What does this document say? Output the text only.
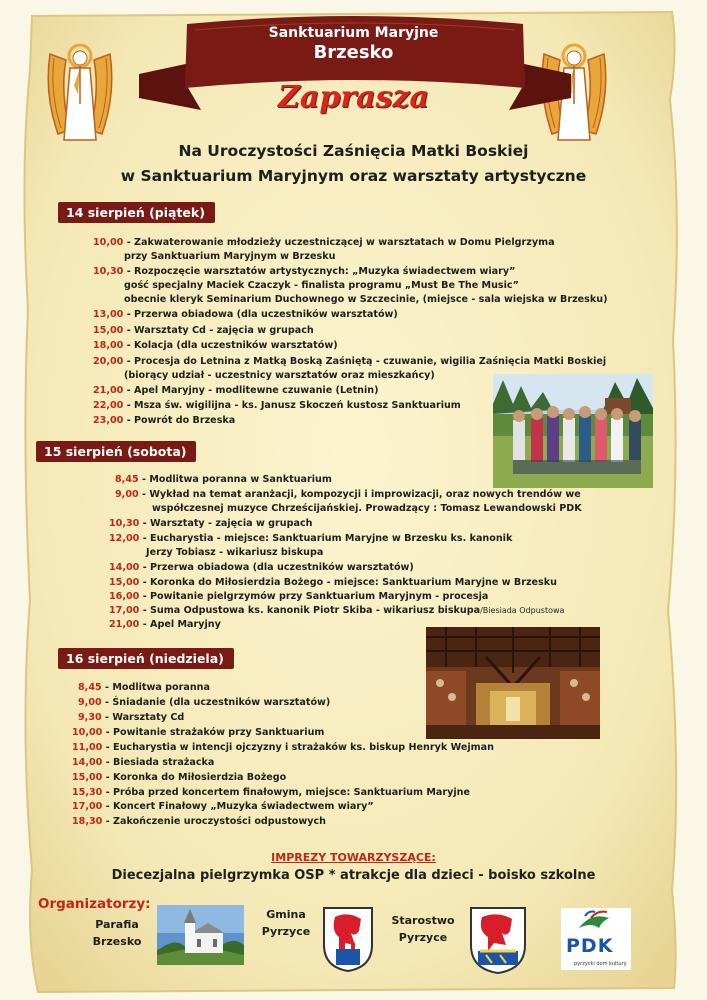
Sanktuarium Maryjne
Brzesko
Zaprasza
Na Uroczystości Zaśnięcia Matki Boskiej
w Sanktuarium Maryjnym oraz warsztaty artystyczne
14 sierpień (piątek)
10,00 - Zakwaterowanie młodzieży uczestniczącej w warsztatach w Domu Pielgrzyma
przy Sanktuarium Maryjnym w Brzesku
10,30 - Rozpoczęcie warsztatów artystycznych: „Muzyka świadectwem wiary”
gość specjalny Maciek Czaczyk - finalista programu „Must Be The Music”
obecnie kleryk Seminarium Duchownego w Szczecinie, (miejsce - sala wiejska w Brzesku)
13,00 - Przerwa obiadowa (dla uczestników warsztatów)
15,00 - Warsztaty Cd - zajęcia w grupach
18,00 - Kolacja (dla uczestników warsztatów)
20,00 - Procesja do Letnina z Matką Boską Zaśniętą - czuwanie, wigilia Zaśnięcia Matki Boskiej
(biorący udział - uczestnicy warsztatów oraz mieszkańcy)
21,00 - Apel Maryjny - modlitewne czuwanie (Letnin)
22,00 - Msza św. wigilijna - ks. Janusz Skoczeń kustosz Sanktuarium
23,00 - Powrót do Brzeska
15 sierpień (sobota)
8,45 - Modlitwa poranna w Sanktuarium
9,00 - Wykład na temat aranżacji, kompozycji i improwizacji, oraz nowych trendów we
współczesnej muzyce Chrześcijańskiej. Prowadzący : Tomasz Lewandowski PDK
10,30 - Warsztaty - zajęcia w grupach
12,00 - Eucharystia - miejsce: Sanktuarium Maryjne w Brzesku ks. kanonik
Jerzy Tobiasz - wikariusz biskupa
14,00 - Przerwa obiadowa (dla uczestników warsztatów)
15,00 - Koronka do Miłosierdzia Bożego - miejsce: Sanktuarium Maryjne w Brzesku
16,00 - Powitanie pielgrzymów przy Sanktuarium Maryjnym - procesja
17,00 - Suma Odpustowa ks. kanonik Piotr Skiba - wikariusz biskupa/Biesiada Odpustowa
21,00 - Apel Maryjny
16 sierpień (niedziela)
8,45 - Modlitwa poranna
9,00 - Śniadanie (dla uczestników warsztatów)
9,30 - Warsztaty Cd
10,00 - Powitanie strażaków przy Sanktuarium
11,00 - Eucharystia w intencji ojczyzny i strażaków ks. biskup Henryk Wejman
14,00 - Biesiada strażacka
15,00 - Koronka do Miłosierdzia Bożego
15,30 - Próba przed koncertem finałowym, miejsce: Sanktuarium Maryjne
17,00 - Koncert Finałowy „Muzyka świadectwem wiary”
18,30 - Zakończenie uroczystości odpustowych
IMPREZY TOWARZYSZĄCE:
Diecezjalna pielgrzymka OSP * atrakcje dla dzieci - boisko szkolne
Organizatorzy:
Parafia
Brzesko
Gmina
Pyrzyce
Starostwo
Pyrzyce	PDK
pyrzycki dom kultury
